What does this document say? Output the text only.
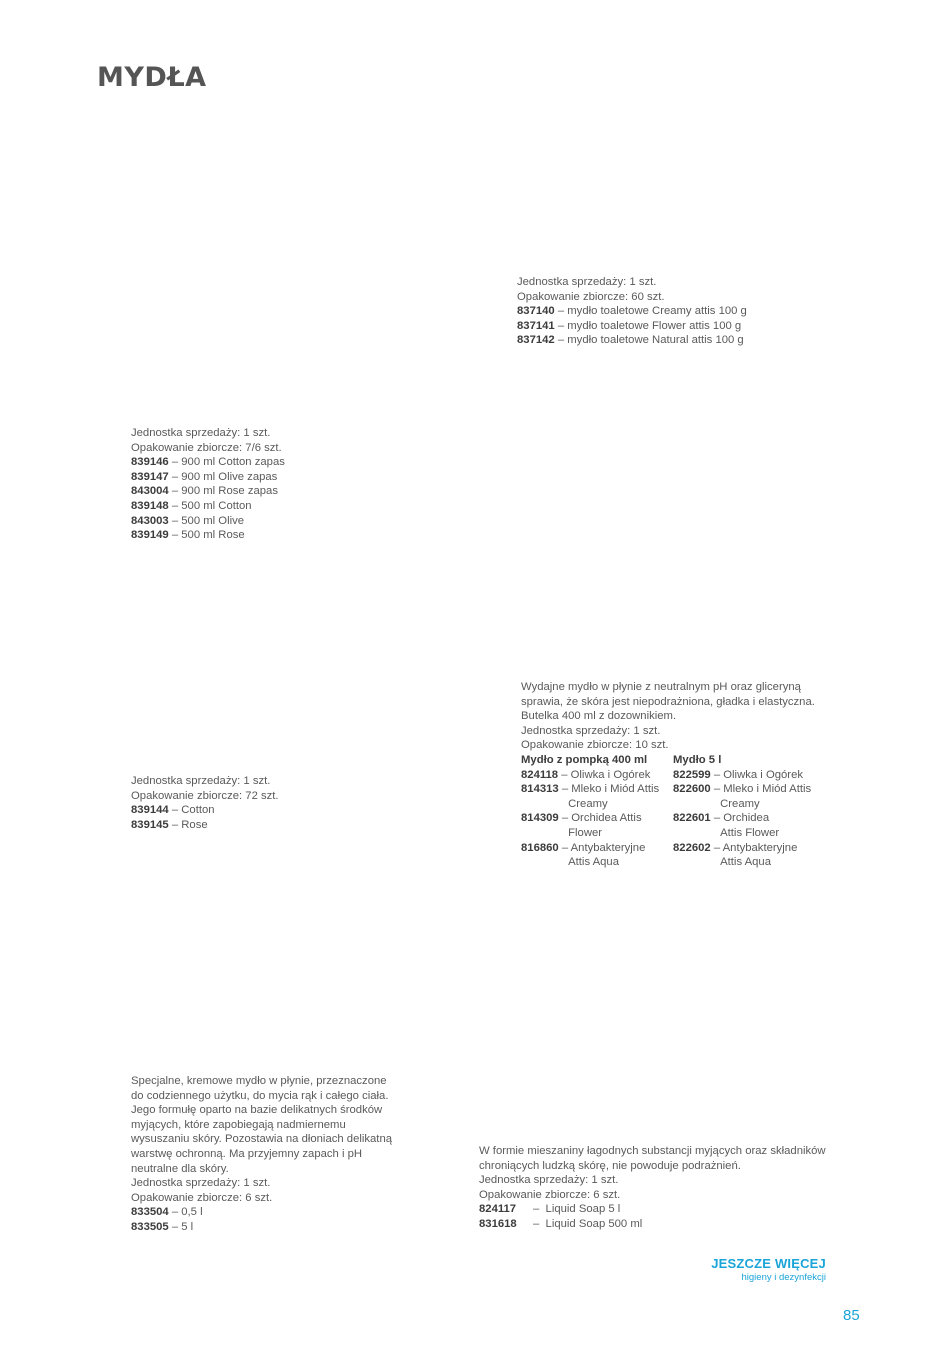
MYDŁA
Jednostka sprzedaży: 1 szt.
Opakowanie zbiorcze: 60 szt.
837140 – mydło toaletowe Creamy attis 100 g
837141 – mydło toaletowe Flower attis 100 g
837142 – mydło toaletowe Natural attis 100 g
Jednostka sprzedaży: 1 szt.
Opakowanie zbiorcze: 7/6 szt.
839146 – 900 ml Cotton zapas
839147 – 900 ml Olive zapas
843004 – 900 ml Rose zapas
839148 – 500 ml Cotton
843003 – 500 ml Olive
839149 – 500 ml Rose
Wydajne mydło w płynie z neutralnym pH oraz gliceryną
sprawia, że skóra jest niepodrażniona, gładka i elastyczna.
Butelka 400 ml z dozownikiem.
Jednostka sprzedaży: 1 szt.
Opakowanie zbiorcze: 10 szt.
Mydło z pompką 400 ml
824118 – Oliwka i Ogórek
814313 – Mleko i Miód Attis
Creamy
814309 – Orchidea Attis
Flower
816860 – Antybakteryjne
Attis Aqua
Mydło 5 l
822599 – Oliwka i Ogórek
822600 – Mleko i Miód Attis
Creamy
822601 – Orchidea
Attis Flower
822602 – Antybakteryjne
Attis Aqua
Jednostka sprzedaży: 1 szt.
Opakowanie zbiorcze: 72 szt.
839144 – Cotton
839145 – Rose
Specjalne, kremowe mydło w płynie, przeznaczone
do codziennego użytku, do mycia rąk i całego ciała.
Jego formułę oparto na bazie delikatnych środków
myjących, które zapobiegają nadmiernemu
wysuszaniu skóry. Pozostawia na dłoniach delikatną
warstwę ochronną. Ma przyjemny zapach i pH
neutralne dla skóry.
Jednostka sprzedaży: 1 szt.
Opakowanie zbiorcze: 6 szt.
833504 – 0,5 l
833505 – 5 l
W formie mieszaniny łagodnych substancji myjących oraz składników
chroniących ludzką skórę, nie powoduje podrażnień.
Jednostka sprzedaży: 1 szt.
Opakowanie zbiorcze: 6 szt.
824117	–  Liquid Soap 5 l
831618	–  Liquid Soap 500 ml
JESZCZE WIĘCEJ
higieny i dezynfekcji
85
